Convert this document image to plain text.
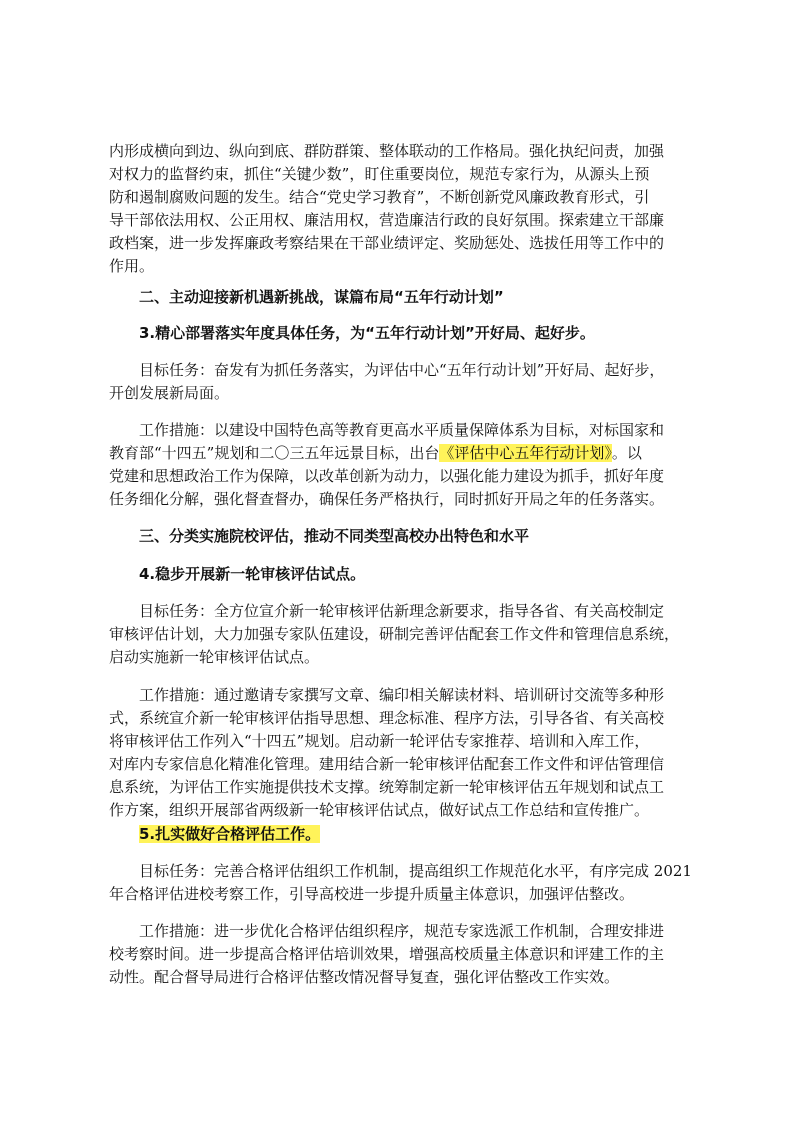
内形成横向到边、纵向到底、群防群策、整体联动的工作格局。强化执纪问责，加强
对权力的监督约束，抓住“关键少数”，盯住重要岗位，规范专家行为，从源头上预
防和遏制腐败问题的发生。结合“党史学习教育”，不断创新党风廉政教育形式，引
导干部依法用权、公正用权、廉洁用权，营造廉洁行政的良好氛围。探索建立干部廉
政档案，进一步发挥廉政考察结果在干部业绩评定、奖励惩处、选拔任用等工作中的
作用。
二、主动迎接新机遇新挑战，谋篇布局“五年行动计划”
3.精心部署落实年度具体任务，为“五年行动计划”开好局、起好步。
目标任务：奋发有为抓任务落实，为评估中心“五年行动计划”开好局、起好步，
开创发展新局面。
工作措施：以建设中国特色高等教育更高水平质量保障体系为目标，对标国家和
教育部“十四五”规划和二〇三五年远景目标，出台《评估中心五年行动计划》。以
党建和思想政治工作为保障，以改革创新为动力，以强化能力建设为抓手，抓好年度
任务细化分解，强化督查督办，确保任务严格执行，同时抓好开局之年的任务落实。
三、分类实施院校评估，推动不同类型高校办出特色和水平
4.稳步开展新一轮审核评估试点。
目标任务：全方位宣介新一轮审核评估新理念新要求，指导各省、有关高校制定
审核评估计划，大力加强专家队伍建设，研制完善评估配套工作文件和管理信息系统，
启动实施新一轮审核评估试点。
工作措施：通过邀请专家撰写文章、编印相关解读材料、培训研讨交流等多种形
式，系统宣介新一轮审核评估指导思想、理念标准、程序方法，引导各省、有关高校
将审核评估工作列入“十四五”规划。启动新一轮评估专家推荐、培训和入库工作，
对库内专家信息化精准化管理。建用结合新一轮审核评估配套工作文件和评估管理信
息系统，为评估工作实施提供技术支撑。统筹制定新一轮审核评估五年规划和试点工
作方案，组织开展部省两级新一轮审核评估试点，做好试点工作总结和宣传推广。
5.扎实做好合格评估工作。
目标任务：完善合格评估组织工作机制，提高组织工作规范化水平，有序完成 2021
年合格评估进校考察工作，引导高校进一步提升质量主体意识，加强评估整改。
工作措施：进一步优化合格评估组织程序，规范专家选派工作机制，合理安排进
校考察时间。进一步提高合格评估培训效果，增强高校质量主体意识和评建工作的主
动性。配合督导局进行合格评估整改情况督导复查，强化评估整改工作实效。
